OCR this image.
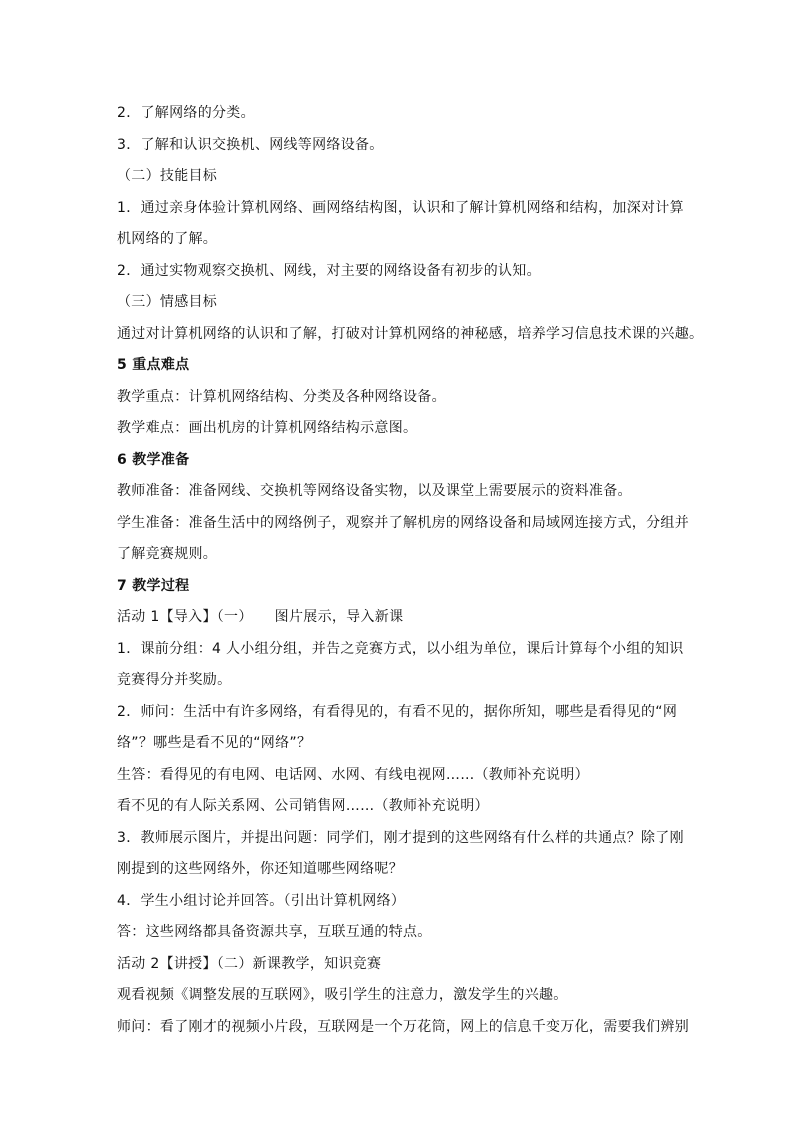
2．了解网络的分类。
3．了解和认识交换机、网线等网络设备。
（二）技能目标
1．通过亲身体验计算机网络、画网络结构图，认识和了解计算机网络和结构，加深对计算
机网络的了解。
2．通过实物观察交换机、网线，对主要的网络设备有初步的认知。
（三）情感目标
通过对计算机网络的认识和了解，打破对计算机网络的神秘感，培养学习信息技术课的兴趣。
5 重点难点
教学重点：计算机网络结构、分类及各种网络设备。
教学难点：画出机房的计算机网络结构示意图。
6 教学准备
教师准备：准备网线、交换机等网络设备实物，以及课堂上需要展示的资料准备。
学生准备：准备生活中的网络例子，观察并了解机房的网络设备和局域网连接方式，分组并
了解竞赛规则。
7 教学过程
活动 1【导入】（一） 图片展示，导入新课
1．课前分组：4 人小组分组，并告之竞赛方式，以小组为单位，课后计算每个小组的知识
竞赛得分并奖励。
2．师问：生活中有许多网络，有看得见的，有看不见的，据你所知，哪些是看得见的“网
络”？哪些是看不见的“网络”？
生答：看得见的有电网、电话网、水网、有线电视网……（教师补充说明）
看不见的有人际关系网、公司销售网……（教师补充说明）
3．教师展示图片，并提出问题：同学们，刚才提到的这些网络有什么样的共通点？除了刚
刚提到的这些网络外，你还知道哪些网络呢？
4．学生小组讨论并回答。（引出计算机网络）
答：这些网络都具备资源共享，互联互通的特点。
活动 2【讲授】（二）新课教学，知识竞赛
观看视频《调整发展的互联网》，吸引学生的注意力，激发学生的兴趣。
师问：看了刚才的视频小片段，互联网是一个万花筒，网上的信息千变万化，需要我们辨别
